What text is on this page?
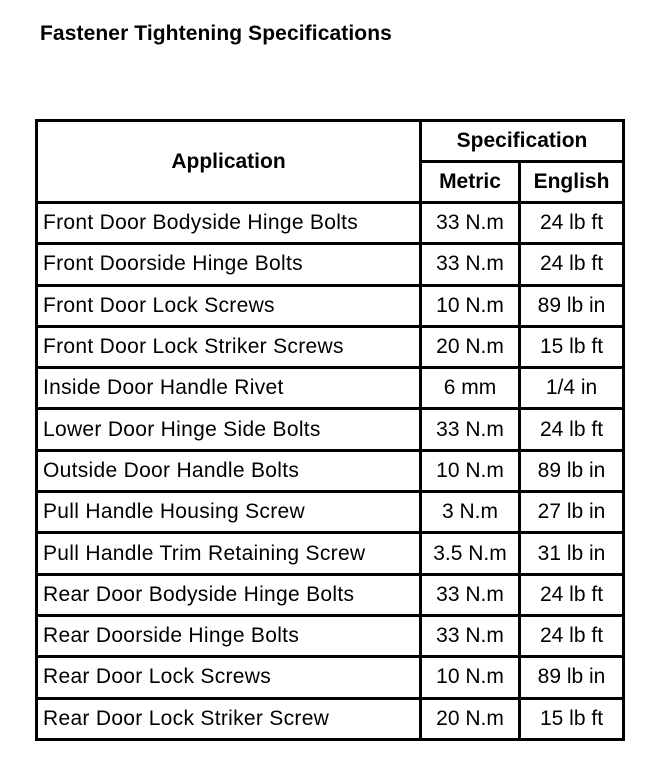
Fastener Tightening Specifications
Application	Specification	
	Metric	English
Front Door Bodyside Hinge Bolts	33 N.m	24 lb ft
Front Doorside Hinge Bolts	33 N.m	24 lb ft
Front Door Lock Screws	10 N.m	89 lb in
Front Door Lock Striker Screws	20 N.m	15 lb ft
Inside Door Handle Rivet	6 mm	1/4 in
Lower Door Hinge Side Bolts	33 N.m	24 lb ft
Outside Door Handle Bolts	10 N.m	89 lb in
Pull Handle Housing Screw	3 N.m	27 lb in
Pull Handle Trim Retaining Screw	3.5 N.m	31 lb in
Rear Door Bodyside Hinge Bolts	33 N.m	24 lb ft
Rear Doorside Hinge Bolts	33 N.m	24 lb ft
Rear Door Lock Screws	10 N.m	89 lb in
Rear Door Lock Striker Screw	20 N.m	15 lb ft
